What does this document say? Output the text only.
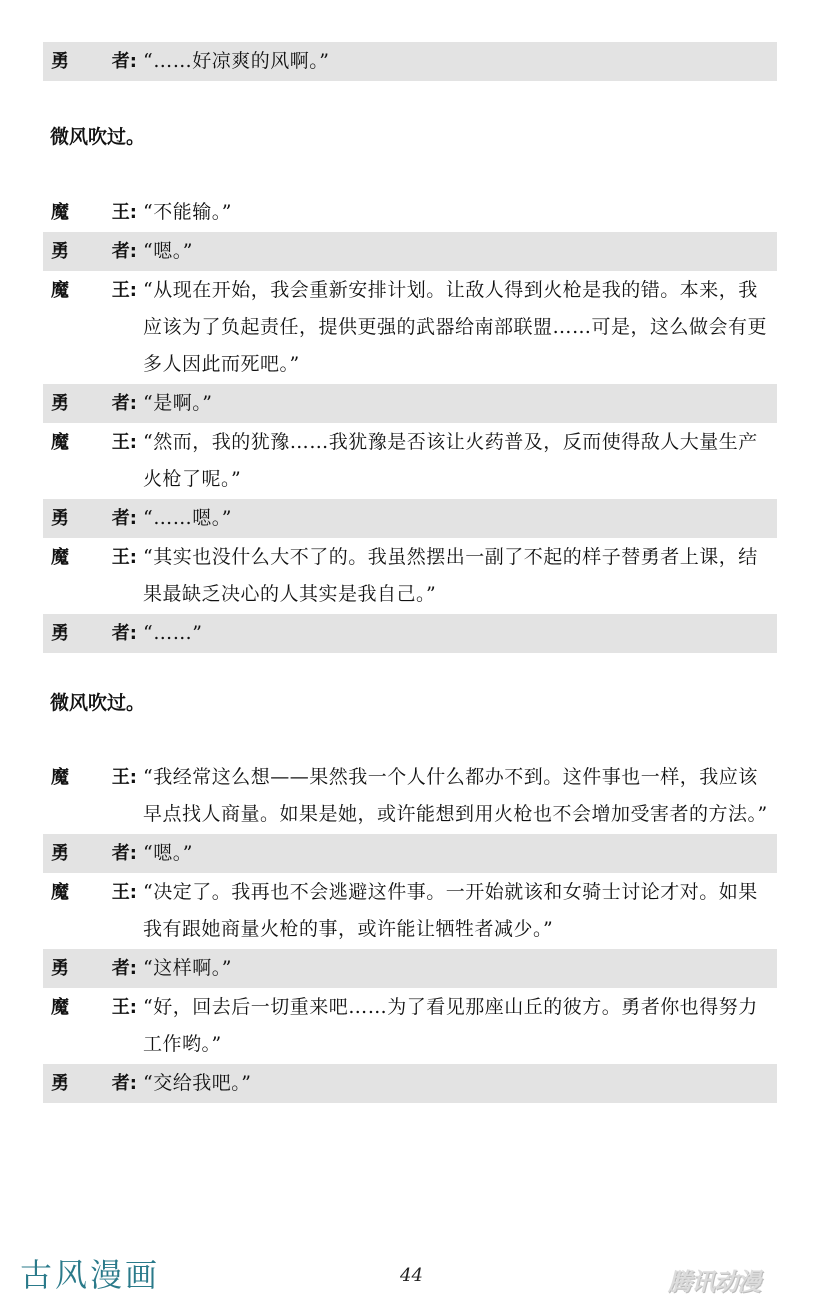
勇 者: “……好凉爽的风啊。”
微风吹过。
魔 王: “不能输。”
勇 者: “嗯。”
魔 王: “从现在开始，我会重新安排计划。让敌人得到火枪是我的错。本来，我应该为了负起责任，提供更强的武器给南部联盟……可是，这么做会有更多人因此而死吧。”
勇 者: “是啊。”
魔 王: “然而，我的犹豫……我犹豫是否该让火药普及，反而使得敌人大量生产火枪了呢。”
勇 者: “……嗯。”
魔 王: “其实也没什么大不了的。我虽然摆出一副了不起的样子替勇者上课，结果最缺乏决心的人其实是我自己。”
勇 者: “……”
微风吹过。
魔 王: “我经常这么想——果然我一个人什么都办不到。这件事也一样，我应该早点找人商量。如果是她，或许能想到用火枪也不会增加受害者的方法。”
勇 者: “嗯。”
魔 王: “决定了。我再也不会逃避这件事。一开始就该和女骑士讨论才对。如果我有跟她商量火枪的事，或许能让牺牲者减少。”
勇 者: “这样啊。”
魔 王: “好，回去后一切重来吧……为了看见那座山丘的彼方。勇者你也得努力工作哟。”
勇 者: “交给我吧。”
古风漫画	44	腾讯动漫
